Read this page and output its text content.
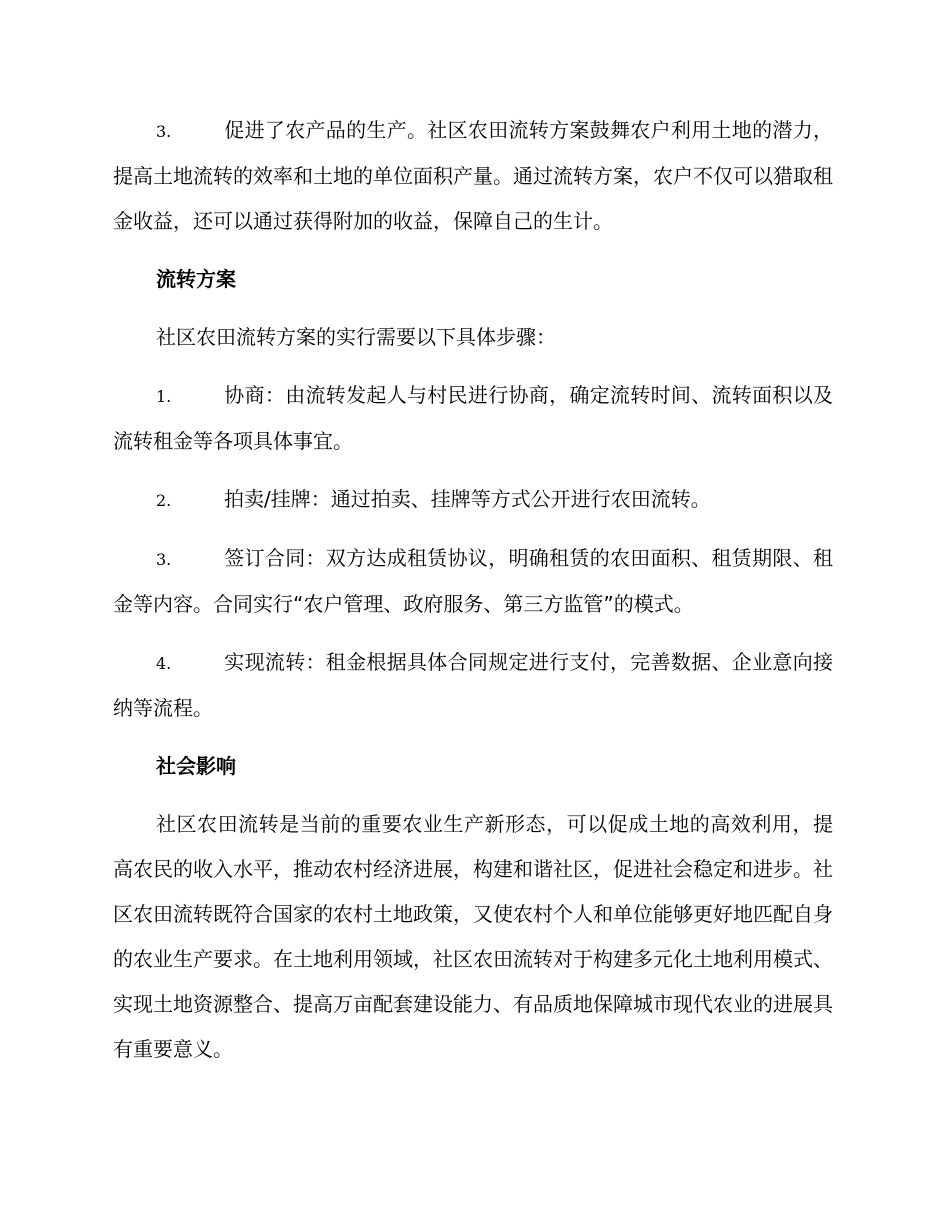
3.	促进了农产品的生产。社区农田流转方案鼓舞农户利用土地的潜力，提高土地流转的效率和土地的单位面积产量。通过流转方案，农户不仅可以猎取租金收益，还可以通过获得附加的收益，保障自己的生计。

流转方案

社区农田流转方案的实行需要以下具体步骤：

1.	协商：由流转发起人与村民进行协商，确定流转时间、流转面积以及流转租金等各项具体事宜。

2.	拍卖/挂牌：通过拍卖、挂牌等方式公开进行农田流转。

3.	签订合同：双方达成租赁协议，明确租赁的农田面积、租赁期限、租金等内容。合同实行“农户管理、政府服务、第三方监管”的模式。

4.	实现流转：租金根据具体合同规定进行支付，完善数据、企业意向接纳等流程。

社会影响

社区农田流转是当前的重要农业生产新形态，可以促成土地的高效利用，提高农民的收入水平，推动农村经济进展，构建和谐社区，促进社会稳定和进步。社区农田流转既符合国家的农村土地政策，又使农村个人和单位能够更好地匹配自身的农业生产要求。在土地利用领域，社区农田流转对于构建多元化土地利用模式、实现土地资源整合、提高万亩配套建设能力、有品质地保障城市现代农业的进展具有重要意义。
